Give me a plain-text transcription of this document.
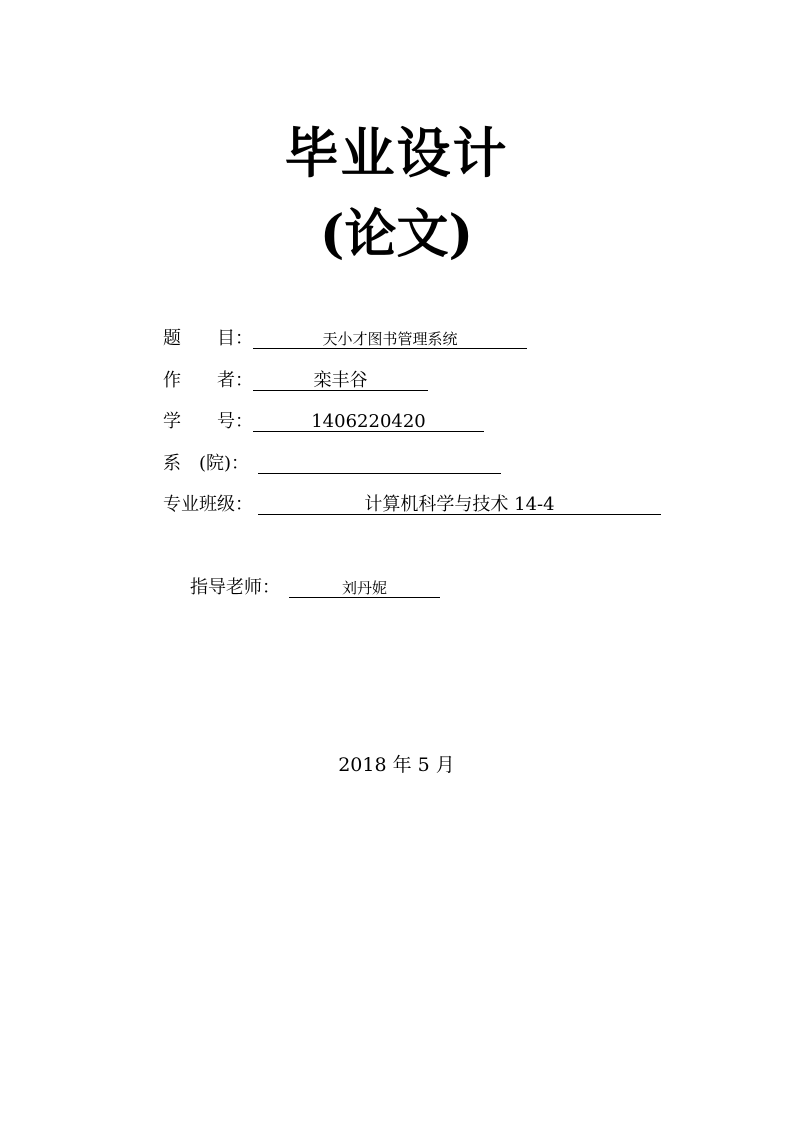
毕业设计
(论文)
题　　目：	天小才图书管理系统
作　　者：	栾丰谷
学　　号：	1406220420
系　(院)：
专业班级：	计算机科学与技术 14-4
指导老师：	刘丹妮
2018 年 5 月
